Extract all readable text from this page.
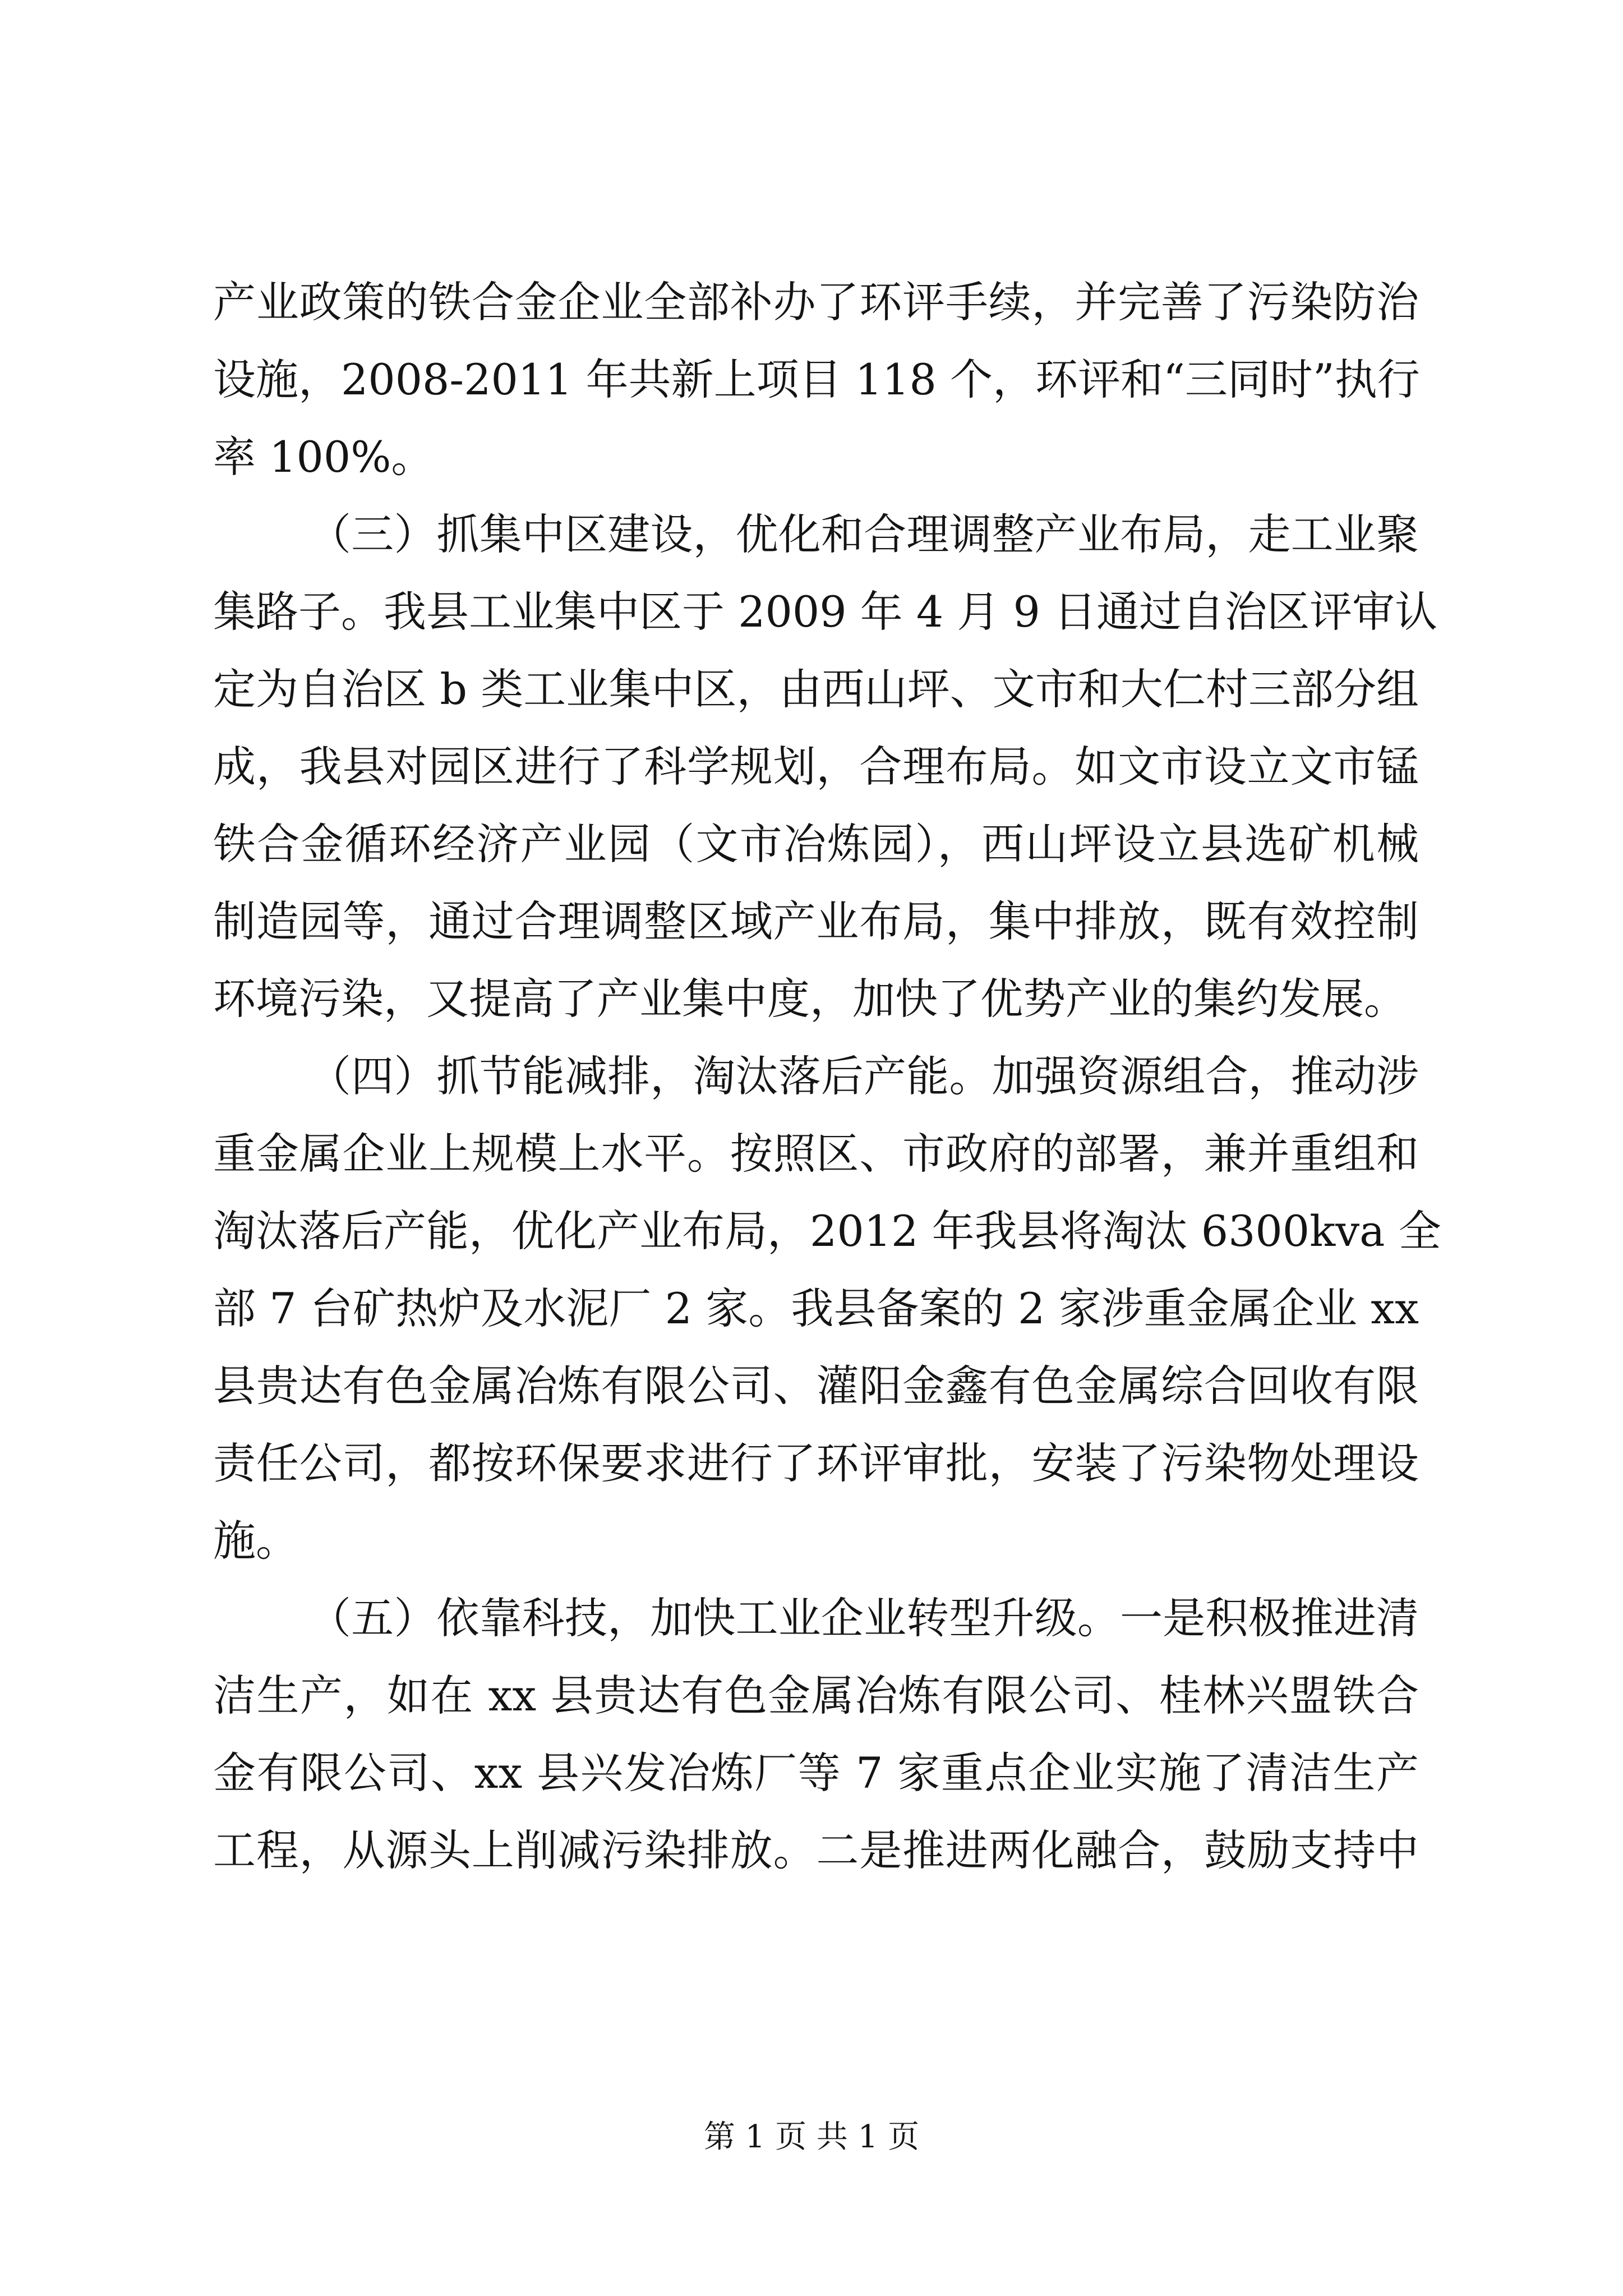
产业政策的铁合金企业全部补办了环评手续，并完善了污染防治
设施，2008-2011 年共新上项目 118 个，环评和“三同时”执行
率 100%。
（三）抓集中区建设，优化和合理调整产业布局，走工业聚
集路子。我县工业集中区于 2009 年 4 月 9 日通过自治区评审认
定为自治区 b 类工业集中区，由西山坪、文市和大仁村三部分组
成，我县对园区进行了科学规划，合理布局。如文市设立文市锰
铁合金循环经济产业园（文市冶炼园），西山坪设立县选矿机械
制造园等，通过合理调整区域产业布局，集中排放，既有效控制
环境污染，又提高了产业集中度，加快了优势产业的集约发展。
（四）抓节能减排，淘汰落后产能。加强资源组合，推动涉
重金属企业上规模上水平。按照区、市政府的部署，兼并重组和
淘汰落后产能，优化产业布局，2012 年我县将淘汰 6300kva 全
部 7 台矿热炉及水泥厂 2 家。我县备案的 2 家涉重金属企业 xx
县贵达有色金属冶炼有限公司、灌阳金鑫有色金属综合回收有限
责任公司，都按环保要求进行了环评审批，安装了污染物处理设
施。
（五）依靠科技，加快工业企业转型升级。一是积极推进清
洁生产，如在 xx 县贵达有色金属冶炼有限公司、桂林兴盟铁合
金有限公司、xx 县兴发冶炼厂等 7 家重点企业实施了清洁生产
工程，从源头上削减污染排放。二是推进两化融合，鼓励支持中
第 1 页 共 1 页
